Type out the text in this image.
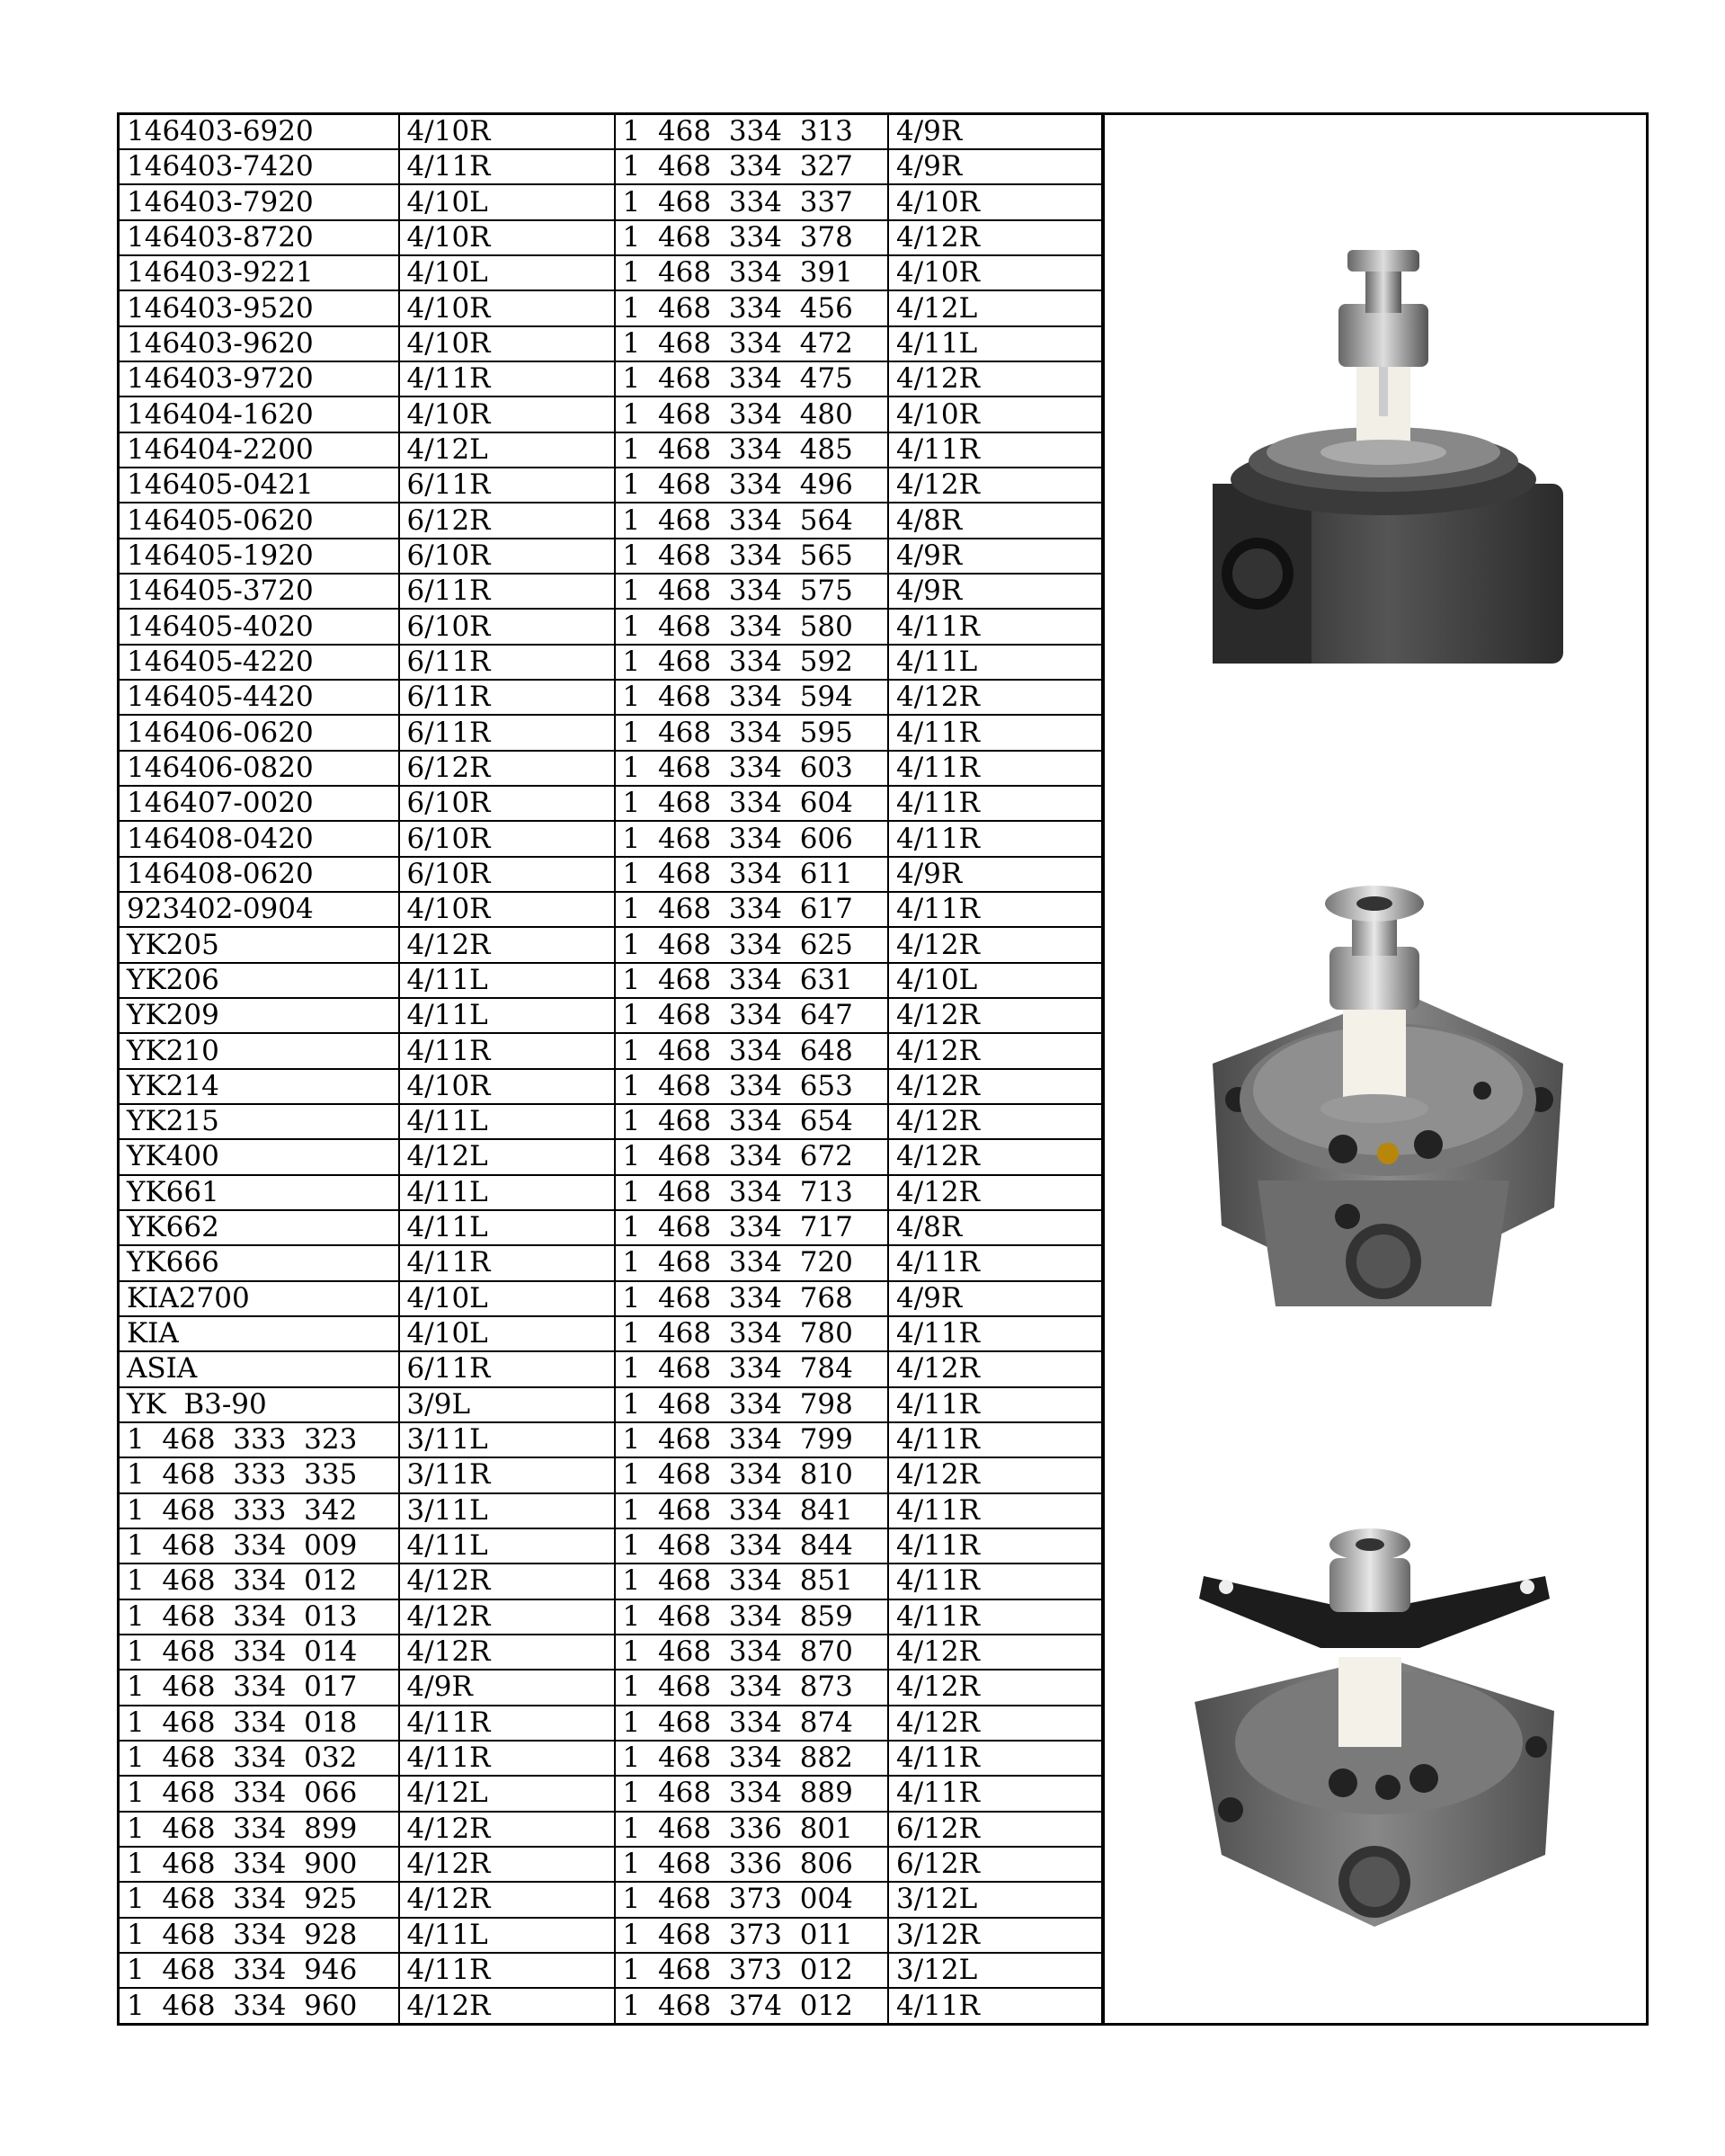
146403-6920	4/10R	1  468  334  313	4/9R
146403-7420	4/11R	1  468  334  327	4/9R
146403-7920	4/10L	1  468  334  337	4/10R
146403-8720	4/10R	1  468  334  378	4/12R
146403-9221	4/10L	1  468  334  391	4/10R
146403-9520	4/10R	1  468  334  456	4/12L
146403-9620	4/10R	1  468  334  472	4/11L
146403-9720	4/11R	1  468  334  475	4/12R
146404-1620	4/10R	1  468  334  480	4/10R
146404-2200	4/12L	1  468  334  485	4/11R
146405-0421	6/11R	1  468  334  496	4/12R
146405-0620	6/12R	1  468  334  564	4/8R
146405-1920	6/10R	1  468  334  565	4/9R
146405-3720	6/11R	1  468  334  575	4/9R
146405-4020	6/10R	1  468  334  580	4/11R
146405-4220	6/11R	1  468  334  592	4/11L
146405-4420	6/11R	1  468  334  594	4/12R
146406-0620	6/11R	1  468  334  595	4/11R
146406-0820	6/12R	1  468  334  603	4/11R
146407-0020	6/10R	1  468  334  604	4/11R
146408-0420	6/10R	1  468  334  606	4/11R
146408-0620	6/10R	1  468  334  611	4/9R
923402-0904	4/10R	1  468  334  617	4/11R
YK205	4/12R	1  468  334  625	4/12R
YK206	4/11L	1  468  334  631	4/10L
YK209	4/11L	1  468  334  647	4/12R
YK210	4/11R	1  468  334  648	4/12R
YK214	4/10R	1  468  334  653	4/12R
YK215	4/11L	1  468  334  654	4/12R
YK400	4/12L	1  468  334  672	4/12R
YK661	4/11L	1  468  334  713	4/12R
YK662	4/11L	1  468  334  717	4/8R
YK666	4/11R	1  468  334  720	4/11R
KIA2700	4/10L	1  468  334  768	4/9R
KIA	4/10L	1  468  334  780	4/11R
ASIA	6/11R	1  468  334  784	4/12R
YK  B3-90	3/9L	1  468  334  798	4/11R
1  468  333  323	3/11L	1  468  334  799	4/11R
1  468  333  335	3/11R	1  468  334  810	4/12R
1  468  333  342	3/11L	1  468  334  841	4/11R
1  468  334  009	4/11L	1  468  334  844	4/11R
1  468  334  012	4/12R	1  468  334  851	4/11R
1  468  334  013	4/12R	1  468  334  859	4/11R
1  468  334  014	4/12R	1  468  334  870	4/12R
1  468  334  017	4/9R	1  468  334  873	4/12R
1  468  334  018	4/11R	1  468  334  874	4/12R
1  468  334  032	4/11R	1  468  334  882	4/11R
1  468  334  066	4/12L	1  468  334  889	4/11R
1  468  334  899	4/12R	1  468  336  801	6/12R
1  468  334  900	4/12R	1  468  336  806	6/12R
1  468  334  925	4/12R	1  468  373  004	3/12L
1  468  334  928	4/11L	1  468  373  011	3/12R
1  468  334  946	4/11R	1  468  373  012	3/12L
1  468  334  960	4/12R	1  468  374  012	4/11R
